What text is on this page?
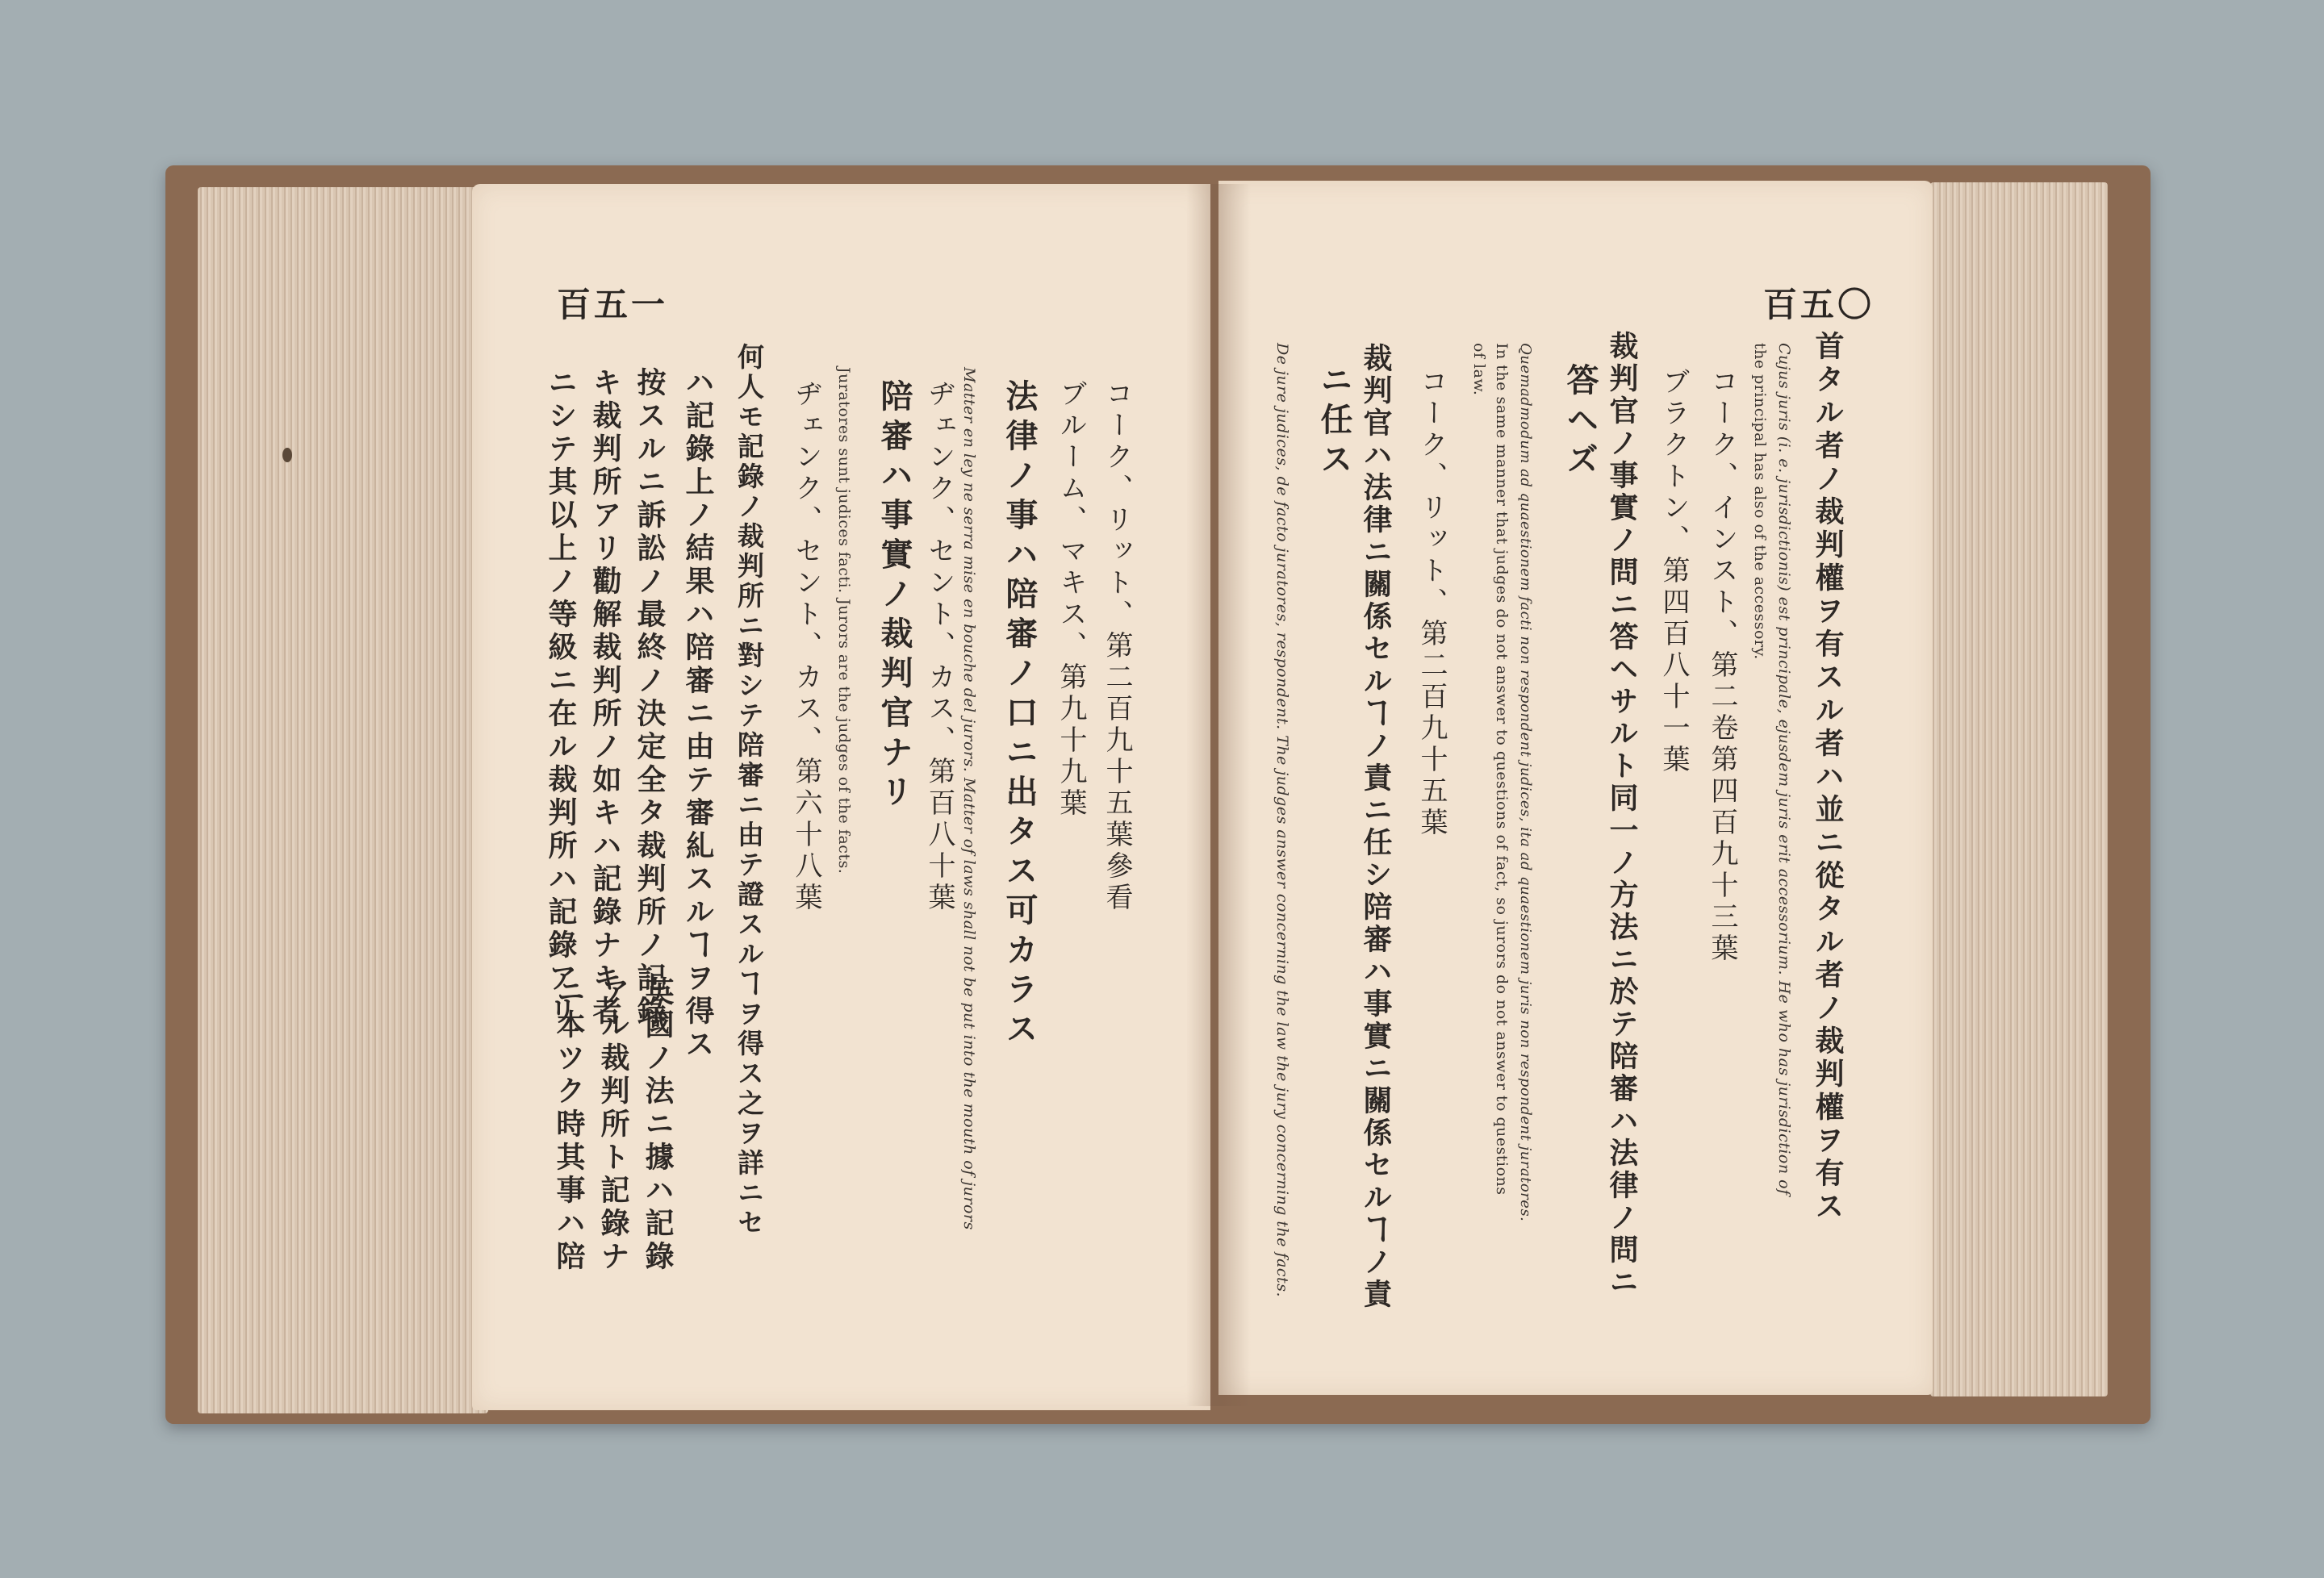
百五一
コーク、リット、第二百九十五葉參看
ブルーム、マキス、第九十九葉
法律ノ事ハ陪審ノ口ニ出タス可カラス
Matter en ley ne serra mise en bouche del jurors. Matter of laws shall not be put into the mouth of jurors
ヂェンク、セント、カス、第百八十葉
陪審ハ事實ノ裁判官ナリ
Juratores sunt judices facti. Jurors are the judges of the facts.
ヂェンク、セント、カス、第六十八葉
何人モ記錄ノ裁判所ニ對シテ陪審ニ由テ證スルヿヲ得ス之ヲ詳ニセ
ハ記錄上ノ結果ハ陪審ニ由テ審糺スルヿヲ得ス
按スルニ訴訟ノ最終ノ決定全タ裁判所ノ記錄
キ裁判所アリ勸解裁判所ノ如キハ記錄ナキ者
ニシテ其以上ノ等級ニ在ル裁判所ハ記錄アリ
英國ノ法ニ據ハ記錄
アル裁判所ト記錄ナ
ニ本ツク時其事ハ陪
百五〇
首タル者ノ裁判權ヲ有スル者ハ並ニ從タル者ノ裁判權ヲ有ス
Cujus juris (i. e. jurisdictionis) est principale, ejusdem juris erit accessorium. He who has jurisdiction of
the principal has also of the accessory.
コーク、インスト、第二卷第四百九十三葉
ブラクトン、第四百八十一葉
裁判官ノ事實ノ問ニ答ヘサルト同一ノ方法ニ於テ陪審ハ法律ノ問ニ
答ヘズ
Quemadmodum ad quaestionem facti non respondent judices, ita ad quaestionem juris non respondent juratores.
In the same manner that judges do not answer to questions of fact, so jurors do not answer to questions
of law.
コーク、リット、第二百九十五葉
裁判官ハ法律ニ關係セルヿノ責ニ任シ陪審ハ事實ニ關係セルヿノ責
ニ任ス
De jure judices, de facto juratores, respondent. The judges answer concerning the law the jury concerning the facts.
